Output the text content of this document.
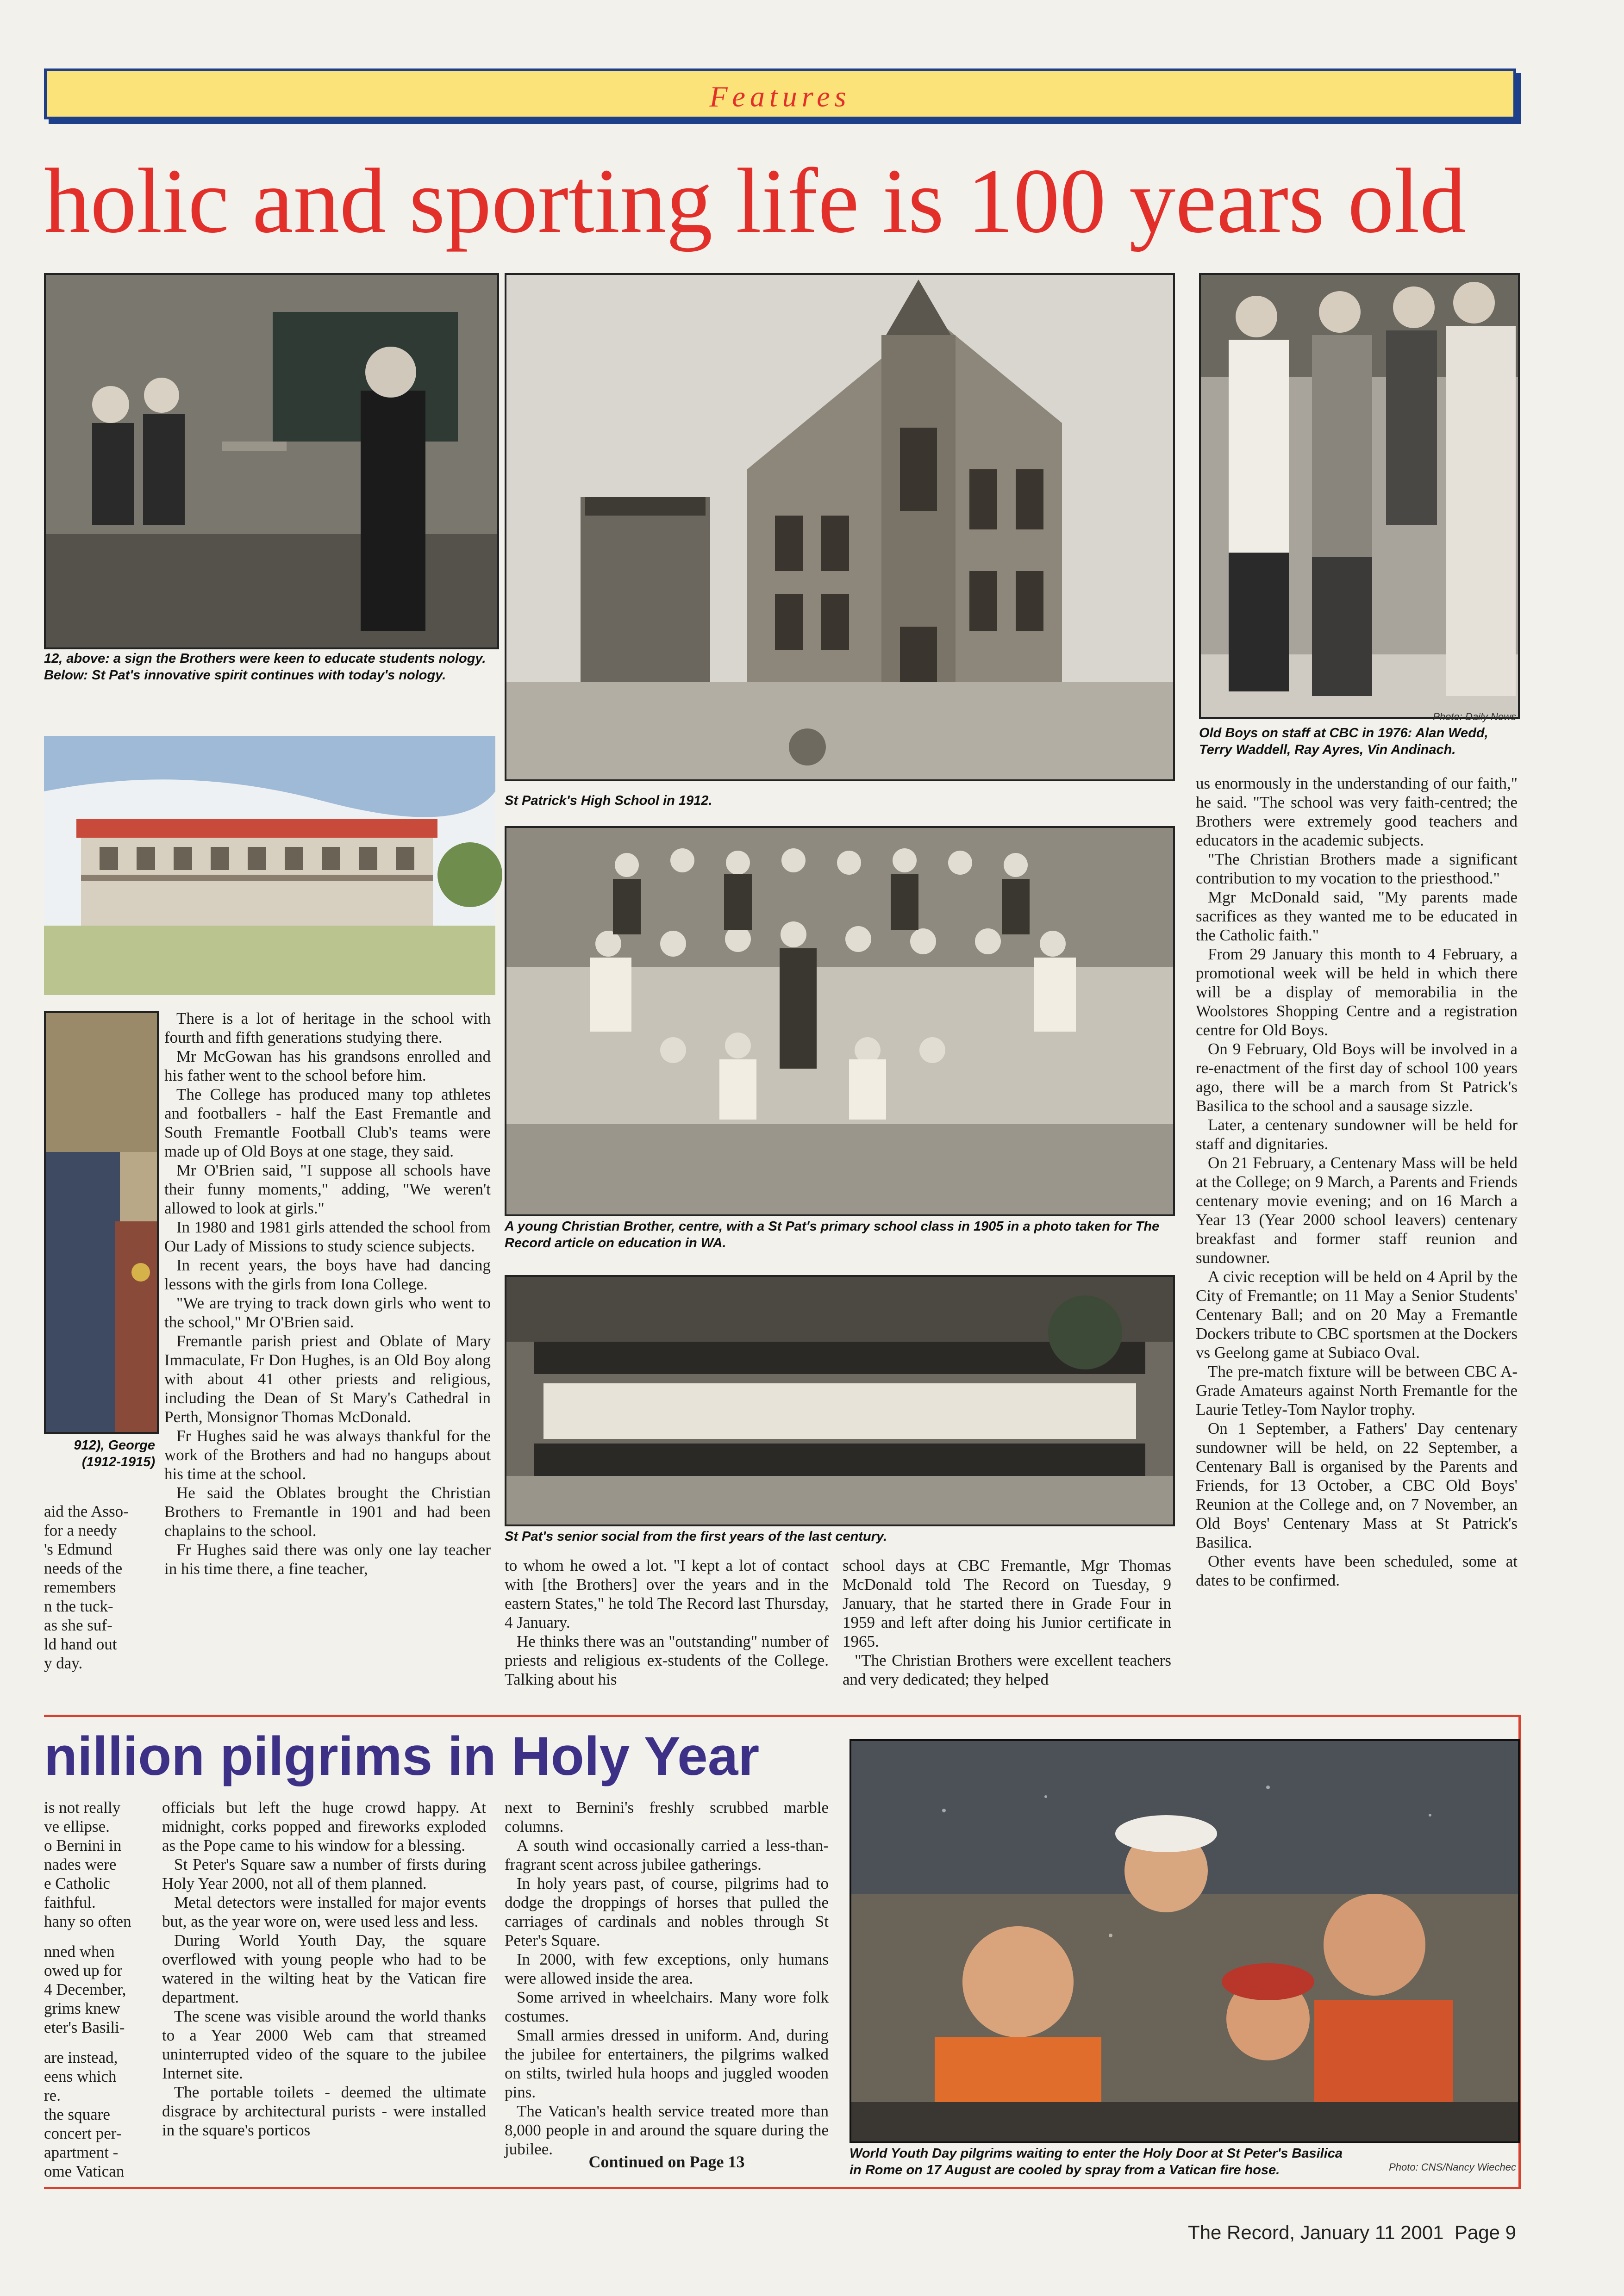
Features
holic and sporting life is 100 years old
12, above: a sign the Brothers were keen to educate students nology. Below: St Pat's innovative spirit continues with today's nology.
912), George (1912-1915)
aid the Asso-
for a needy
's Edmund
needs of the
remembers
n the tuck-
as she suf-
ld hand out
y day.

There is a lot of heritage in the school with fourth and fifth generations studying there.

Mr McGowan has his grandsons enrolled and his father went to the school before him.

The College has produced many top athletes and footballers - half the East Fremantle and South Fremantle Football Club's teams were made up of Old Boys at one stage, they said.

Mr O'Brien said, "I suppose all schools have their funny moments," adding, "We weren't allowed to look at girls."

In 1980 and 1981 girls attended the school from Our Lady of Missions to study science subjects.

In recent years, the boys have had dancing lessons with the girls from Iona College.

"We are trying to track down girls who went to the school," Mr O'Brien said.

Fremantle parish priest and Oblate of Mary Immaculate, Fr Don Hughes, is an Old Boy along with about 41 other priests and religious, including the Dean of St Mary's Cathedral in Perth, Monsignor Thomas McDonald.

Fr Hughes said he was always thankful for the work of the Brothers and had no hangups about his time at the school.

He said the Oblates brought the Christian Brothers to Fremantle in 1901 and had been chaplains to the school.

Fr Hughes said there was only one lay teacher in his time there, a fine teacher,

St Patrick's High School in 1912.
Photo: Daily News
Old Boys on staff at CBC in 1976: Alan Wedd, Terry Waddell, Ray Ayres, Vin Andinach.
A young Christian Brother, centre, with a St Pat's primary school class in 1905 in a photo taken for The Record article on education in WA.
St Pat's senior social from the first years of the last century.

to whom he owed a lot. "I kept a lot of contact with [the Brothers] over the years and in the eastern States," he told The Record last Thursday, 4 January.

He thinks there was an "outstanding" number of priests and religious ex-students of the College. Talking about his

school days at CBC Fremantle, Mgr Thomas McDonald told The Record on Tuesday, 9 January, that he started there in Grade Four in 1959 and left after doing his Junior certificate in 1965.

"The Christian Brothers were excellent teachers and very dedicated; they helped

us enormously in the understanding of our faith," he said. "The school was very faith-centred; the Brothers were extremely good teachers and educators in the academic subjects.

"The Christian Brothers made a significant contribution to my vocation to the priesthood."

Mgr McDonald said, "My parents made sacrifices as they wanted me to be educated in the Catholic faith."

From 29 January this month to 4 February, a promotional week will be held in which there will be a display of memorabilia in the Woolstores Shopping Centre and a registration centre for Old Boys.

On 9 February, Old Boys will be involved in a re-enactment of the first day of school 100 years ago, there will be a march from St Patrick's Basilica to the school and a sausage sizzle.

Later, a centenary sundowner will be held for staff and dignitaries.

On 21 February, a Centenary Mass will be held at the College; on 9 March, a Parents and Friends centenary movie evening; and on 16 March a Year 13 (Year 2000 school leavers) centenary breakfast and former staff reunion and sundowner.

A civic reception will be held on 4 April by the City of Fremantle; on 11 May a Senior Students' Centenary Ball; and on 20 May a Fremantle Dockers tribute to CBC sportsmen at the Dockers vs Geelong game at Subiaco Oval.

The pre-match fixture will be between CBC A-Grade Amateurs against North Fremantle for the Laurie Tetley-Tom Naylor trophy.

On 1 September, a Fathers' Day centenary sundowner will be held, on 22 September, a Centenary Ball is organised by the Parents and Friends, for 13 October, a CBC Old Boys' Reunion at the College and, on 7 November, an Old Boys' Centenary Mass at St Patrick's Basilica.

Other events have been scheduled, some at dates to be confirmed.

nillion pilgrims in Holy Year
is not really
ve ellipse.
o Bernini in
nades were
e Catholic
faithful.
hany so often
nned when
owed up for
4 December,
grims knew
eter's Basili-
are instead,
eens which
re.
the square
concert per-
apartment -
ome Vatican

officials but left the huge crowd happy. At midnight, corks popped and fireworks exploded as the Pope came to his window for a blessing.

St Peter's Square saw a number of firsts during Holy Year 2000, not all of them planned.

Metal detectors were installed for major events but, as the year wore on, were used less and less.

During World Youth Day, the square overflowed with young people who had to be watered in the wilting heat by the Vatican fire department.

The scene was visible around the world thanks to a Year 2000 Web cam that streamed uninterrupted video of the square to the jubilee Internet site.

The portable toilets - deemed the ultimate disgrace by architectural purists - were installed in the square's porticos

next to Bernini's freshly scrubbed marble columns.

A south wind occasionally carried a less-than-fragrant scent across jubilee gatherings.

In holy years past, of course, pilgrims had to dodge the droppings of horses that pulled the carriages of cardinals and nobles through St Peter's Square.

In 2000, with few exceptions, only humans were allowed inside the area.

Some arrived in wheelchairs. Many wore folk costumes.

Small armies dressed in uniform. And, during the jubilee for entertainers, the pilgrims walked on stilts, twirled hula hoops and juggled wooden pins.

The Vatican's health service treated more than 8,000 people in and around the square during the jubilee.

Continued on Page 13	World Youth Day pilgrims waiting to enter the Holy Door at St Peter's Basilica in Rome on 17 August are cooled by spray from a Vatican fire hose.	Photo: CNS/Nancy Wiechec
The Record, January 11 2001  Page 9
